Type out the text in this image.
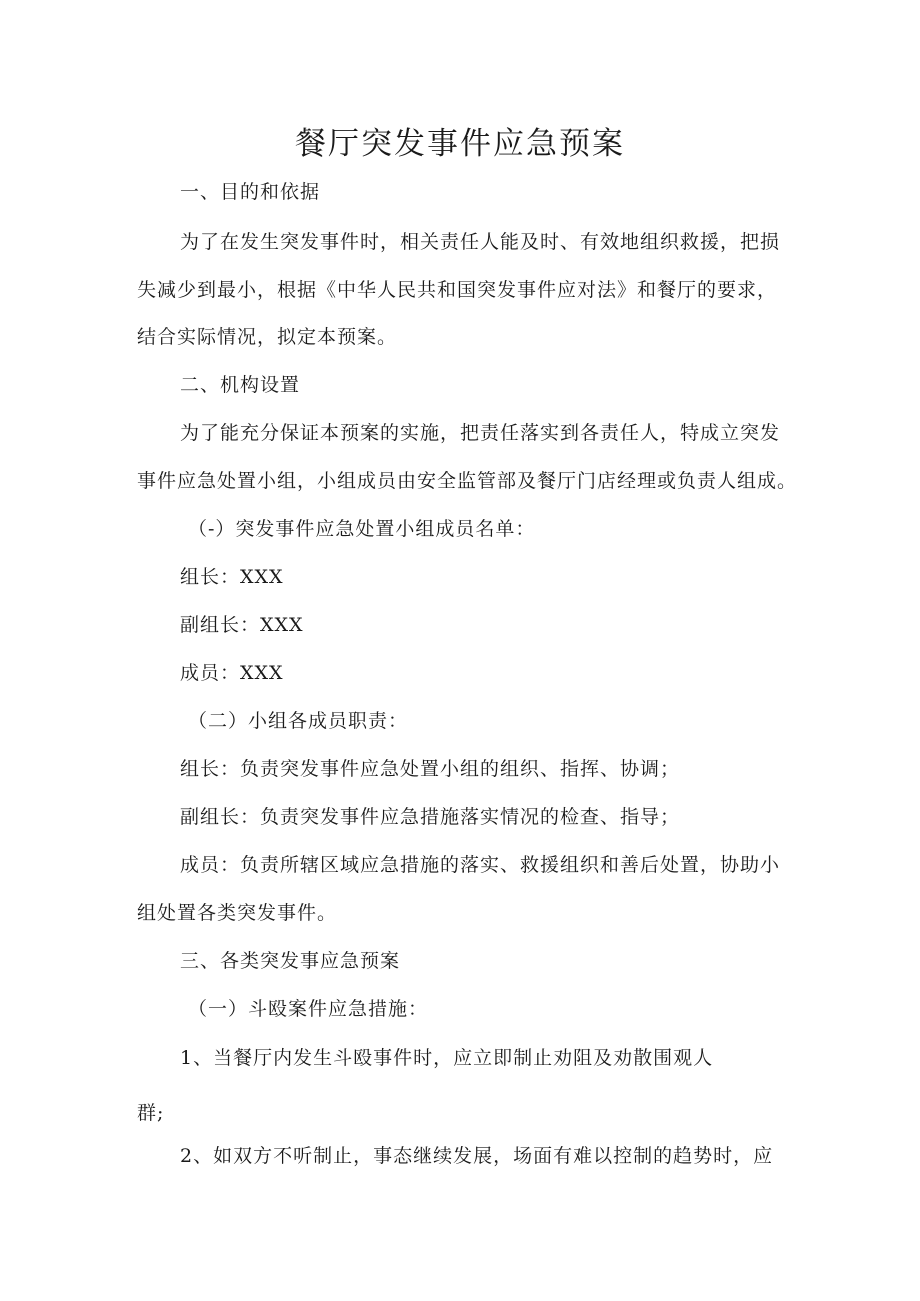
餐厅突发事件应急预案
一、目的和依据
为了在发生突发事件时，相关责任人能及时、有效地组织救援，把损
失减少到最小，根据《中华人民共和国突发事件应对法》和餐厅的要求，
结合实际情况，拟定本预案。
二、机构设置
为了能充分保证本预案的实施，把责任落实到各责任人，特成立突发
事件应急处置小组，小组成员由安全监管部及餐厅门店经理或负责人组成。
（-）突发事件应急处置小组成员名单：
组长：XXX
副组长：XXX
成员：XXX
（二）小组各成员职责：
组长：负责突发事件应急处置小组的组织、指挥、协调；
副组长：负责突发事件应急措施落实情况的检查、指导；
成员：负责所辖区域应急措施的落实、救援组织和善后处置，协助小
组处置各类突发事件。
三、各类突发事应急预案
（一）斗殴案件应急措施：
1、当餐厅内发生斗殴事件时，应立即制止劝阻及劝散围观人
群;
2、如双方不听制止，事态继续发展，场面有难以控制的趋势时，应
